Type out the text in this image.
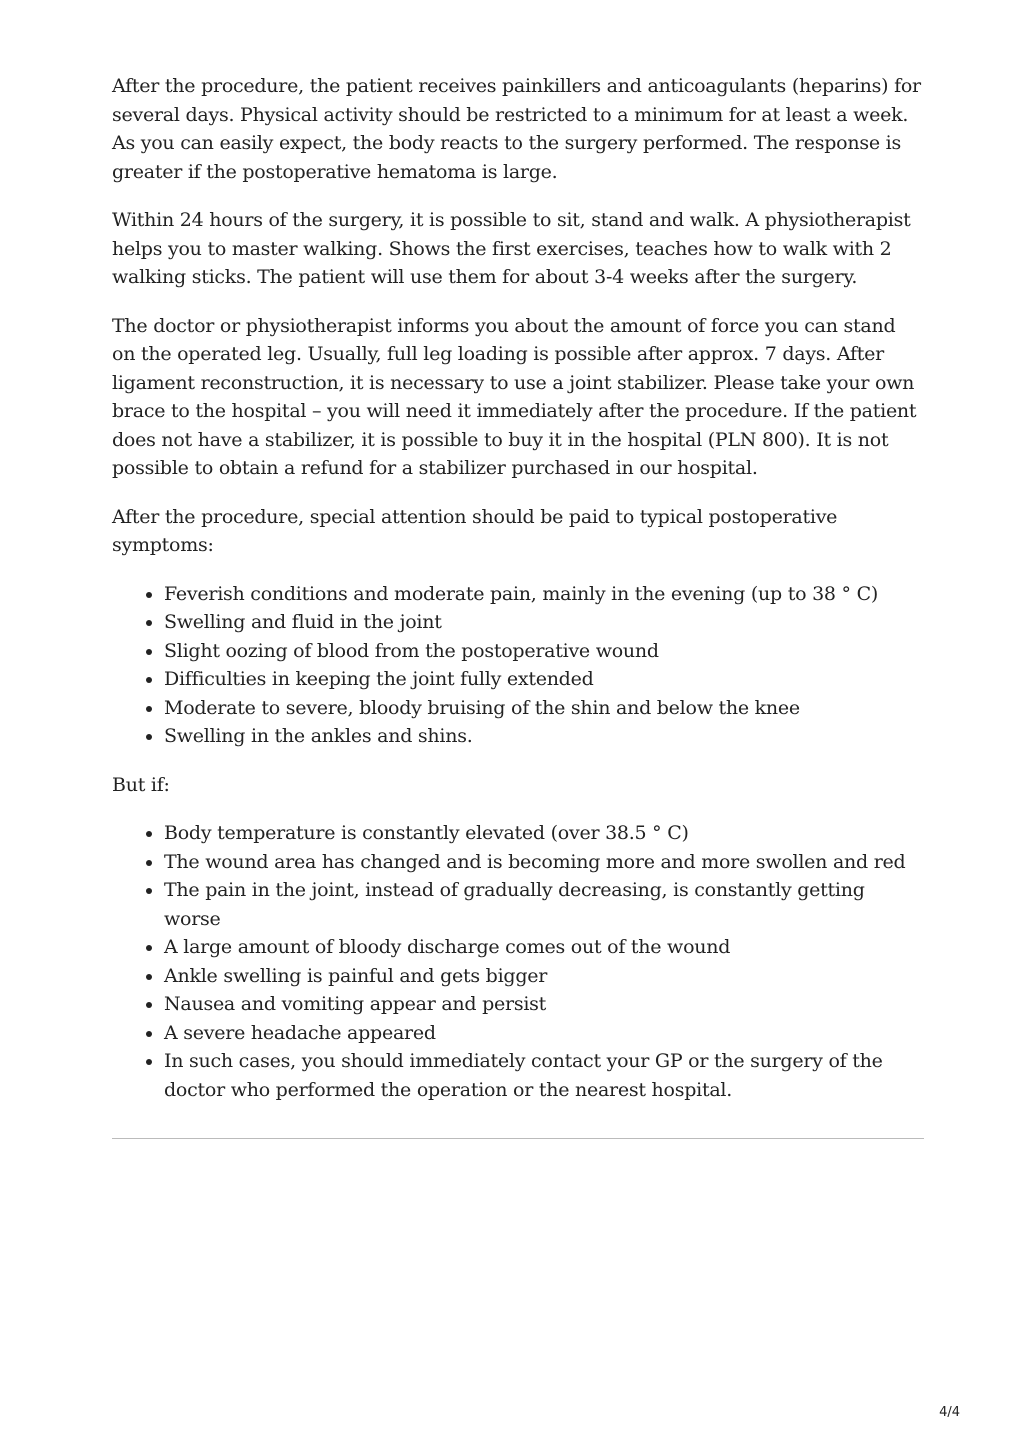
After the procedure, the patient receives painkillers and anticoagulants (heparins) for several days. Physical activity should be restricted to a minimum for at least a week. As you can easily expect, the body reacts to the surgery performed. The response is greater if the postoperative hematoma is large.

Within 24 hours of the surgery, it is possible to sit, stand and walk. A physiotherapist helps you to master walking. Shows the first exercises, teaches how to walk with 2 walking sticks. The patient will use them for about 3-4 weeks after the surgery.

The doctor or physiotherapist informs you about the amount of force you can stand on the operated leg. Usually, full leg loading is possible after approx. 7 days. After ligament reconstruction, it is necessary to use a joint stabilizer. Please take your own brace to the hospital – you will need it immediately after the procedure. If the patient does not have a stabilizer, it is possible to buy it in the hospital (PLN 800). It is not possible to obtain a refund for a stabilizer purchased in our hospital.

After the procedure, special attention should be paid to typical postoperative symptoms:

• Feverish conditions and moderate pain, mainly in the evening (up to 38 ° C)
• Swelling and fluid in the joint
• Slight oozing of blood from the postoperative wound
• Difficulties in keeping the joint fully extended
• Moderate to severe, bloody bruising of the shin and below the knee
• Swelling in the ankles and shins.

But if:

• Body temperature is constantly elevated (over 38.5 ° C)
• The wound area has changed and is becoming more and more swollen and red
• The pain in the joint, instead of gradually decreasing, is constantly getting worse
• A large amount of bloody discharge comes out of the wound
• Ankle swelling is painful and gets bigger
• Nausea and vomiting appear and persist
• A severe headache appeared
• In such cases, you should immediately contact your GP or the surgery of the doctor who performed the operation or the nearest hospital.
4/4
